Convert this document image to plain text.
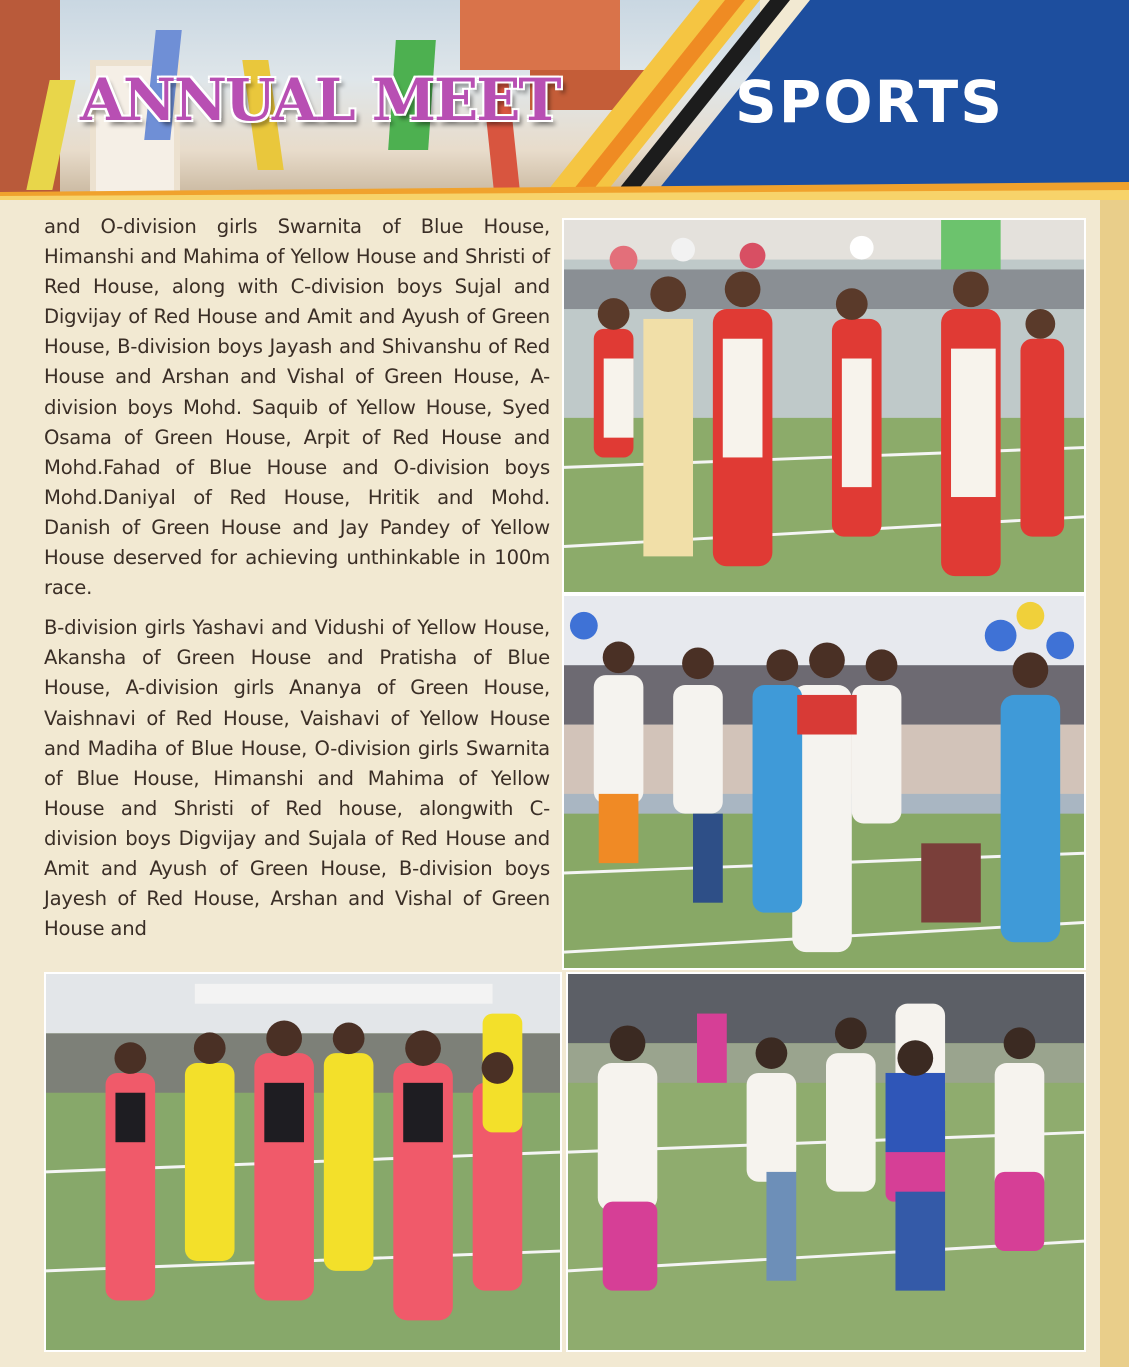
ANNUAL MEET	SPORTS

and O-division girls Swarnita of Blue House, Himanshi and Mahima of Yellow House and Shristi of Red House, along with C-division boys Sujal and Digvijay of Red House and Amit and Ayush of Green House, B-division boys Jayash and Shivanshu of Red House and Arshan and Vishal of Green House, A-division boys Mohd. Saquib of Yellow House, Syed Osama of Green House, Arpit of Red House and Mohd.Fahad of Blue House and O-division boys Mohd.Daniyal of Red House, Hritik and Mohd. Danish of Green House and Jay Pandey of Yellow House deserved for achieving unthinkable in 100m race.

B-division girls Yashavi and Vidushi of Yellow House, Akansha of Green House and Pratisha of Blue House, A-division girls Ananya of Green House, Vaishnavi of Red House, Vaishavi of Yellow House and Madiha of Blue House, O-division girls Swarnita of Blue House, Himanshi and Mahima of Yellow House and Shristi of Red house, alongwith C-division boys Digvijay and Sujala of Red House and Amit and Ayush of Green House, B-division boys Jayesh of Red House, Arshan and Vishal of Green House and
